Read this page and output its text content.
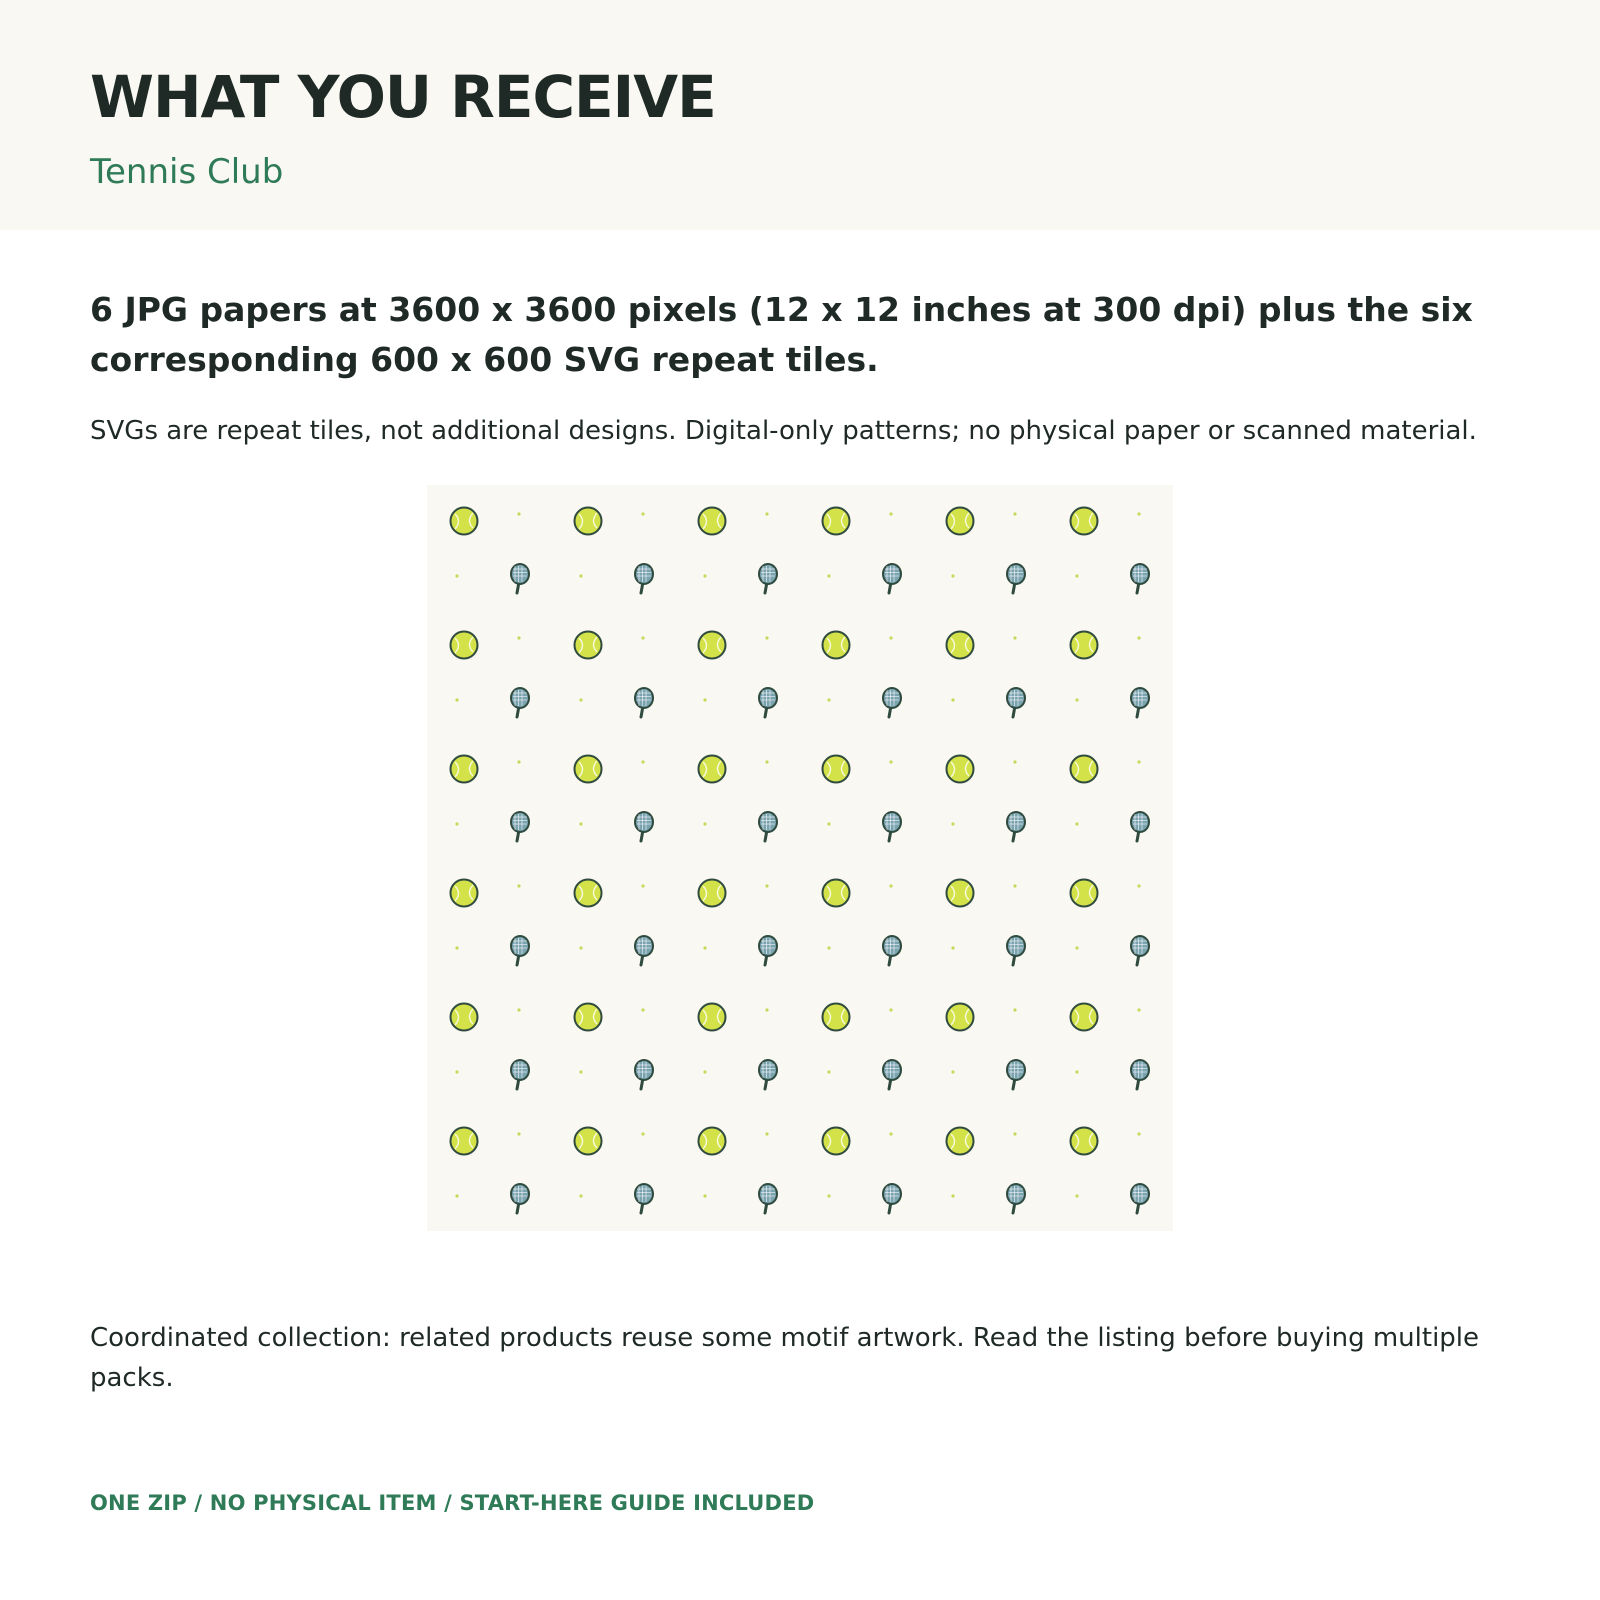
WHAT YOU RECEIVE

Tennis Club

6 JPG papers at 3600 x 3600 pixels (12 x 12 inches at 300 dpi) plus the six corresponding 600 x 600 SVG repeat tiles.

SVGs are repeat tiles, not additional designs. Digital-only patterns; no physical paper or scanned material.

Coordinated collection: related products reuse some motif artwork. Read the listing before buying multiple packs.

ONE ZIP / NO PHYSICAL ITEM / START-HERE GUIDE INCLUDED
